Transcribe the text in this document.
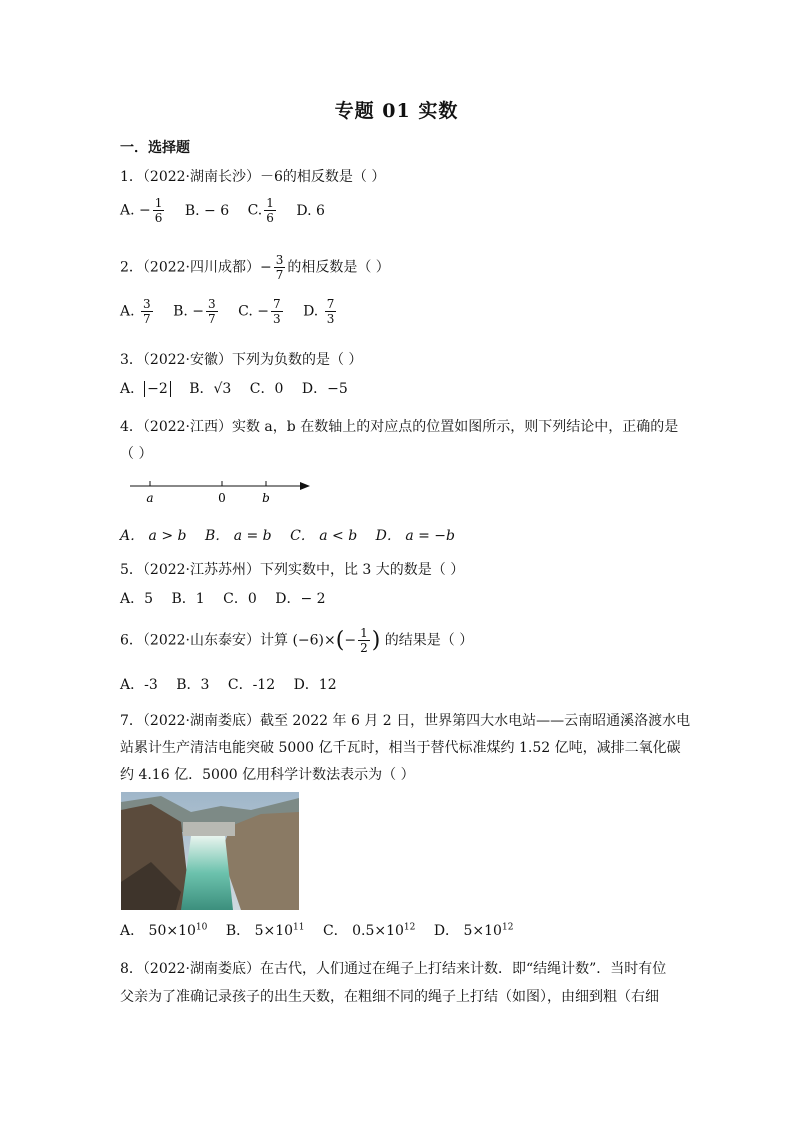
专题 01 实数
一．选择题
1．（2022·湖南长沙）－6的相反数是（ ）
A. − $\frac{1}{6} B$. − 6 C. $\frac{1}{6} D$. 6
2．（2022·四川成都）− $\frac{3}{7}$ 的相反数是（ ）
A. $\frac{3}{7} B$. − $\frac{3}{7} C$. − $\frac{7}{3} D$. $\frac{7}{3}$
3．（2022·安徽）下列为负数的是（ ）
A． −2 B．√3 C．0 D．−5
4．（2022·江西）实数 a，b 在数轴上的对应点的位置如图所示，则下列结论中，正确的是
（ ）
a	0	b
A． a > b B． a = b C． a < b D． a = −b
5．（2022·江苏苏州）下列实数中，比 3 大的数是（ ）
A．5 B．1 C．0 D．− 2
6．（2022·山东泰安）计算 $(-6)\times(- \frac{1}{2}$ ) 的结果是（ ）
A．-3 B．3 C．-12 D．12
7．（2022·湖南娄底）截至 2022 年 6 月 2 日，世界第四大水电站——云南昭通溪洛渡水电
站累计生产清洁电能突破 5000 亿千瓦时，相当于替代标准煤约 1.52 亿吨，减排二氧化碳
约 4.16 亿．5000 亿用科学计数法表示为（ ）
A． $50\times 10^{10}$ B． $5\times 10^{11}$ C． $0.5\times 10^{12}$ D． $5\times 10^{12}$
8．（2022·湖南娄底）在古代，人们通过在绳子上打结来计数．即“结绳计数”．当时有位
父亲为了准确记录孩子的出生天数，在粗细不同的绳子上打结（如图），由细到粗（右细
